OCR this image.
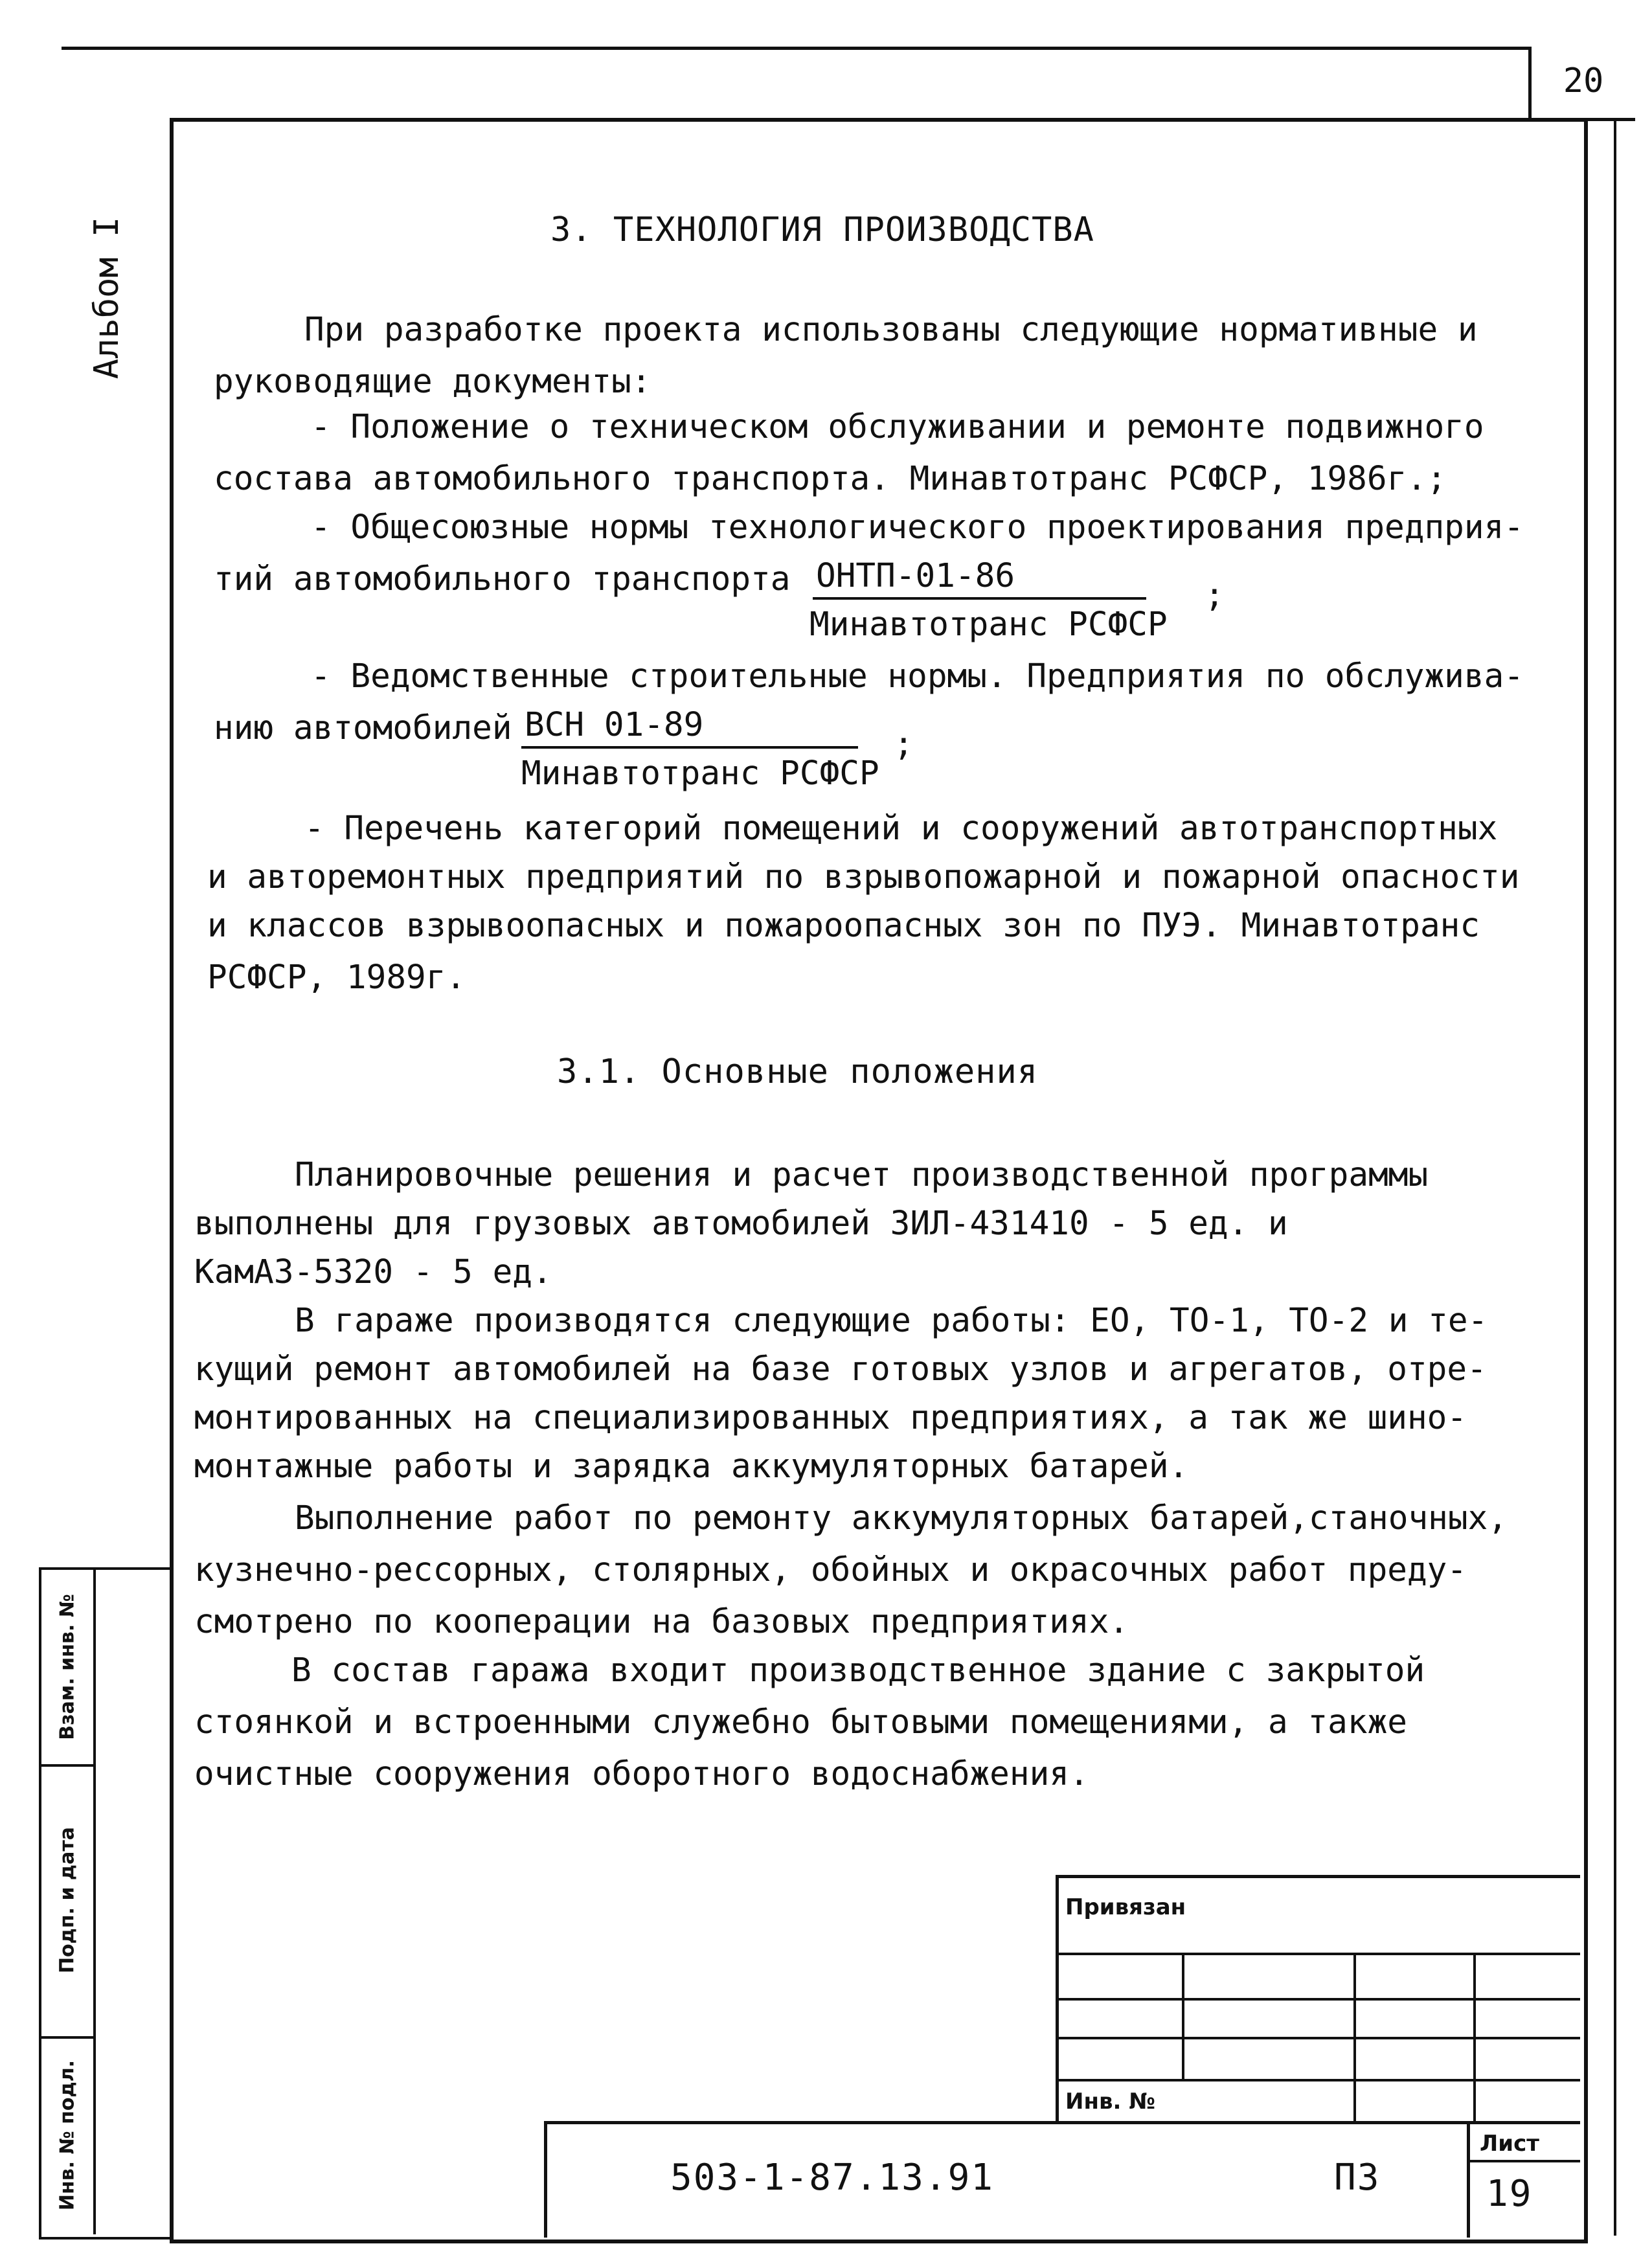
20
Альбом I	3. ТЕХНОЛОГИЯ ПРОИЗВОДСТВА
При разработке проекта использованы следующие нормативные и
руководящие документы:
- Положение о техническом обслуживании и ремонте подвижного
состава автомобильного транспорта. Минавтотранс РСФСР, 1986г.;
- Общесоюзные нормы технологического проектирования предприя-
тий автомобильного транспорта ОНТП-01-86
Минавтотранс РСФСР
;
- Ведомственные строительные нормы. Предприятия по обслужива-
нию автомобилей ВСН 01-89
Минавтотранс РСФСР
;
- Перечень категорий помещений и сооружений автотранспортных
и авторемонтных предприятий по взрывопожарной и пожарной опасности
и классов взрывоопасных и пожароопасных зон по ПУЭ. Минавтотранс
РСФСР, 1989г.
3.1. Основные положения
Планировочные решения и расчет производственной программы
выполнены для грузовых автомобилей ЗИЛ-431410 - 5 ед. и
КамАЗ-5320 - 5 ед.
В гараже производятся следующие работы: ЕО, ТО-1, ТО-2 и те-
кущий ремонт автомобилей на базе готовых узлов и агрегатов, отре-
монтированных на специализированных предприятиях, а так же шино-
монтажные работы и зарядка аккумуляторных батарей.
Выполнение работ по ремонту аккумуляторных батарей,станочных,
кузнечно-рессорных, столярных, обойных и окрасочных работ преду-
смотрено по кооперации на базовых предприятиях.
В состав гаража входит производственное здание с закрытой
стоянкой и встроенными служебно бытовыми помещениями, а также
очистные сооружения оборотного водоснабжения.
Взам. инв. №
Подп. и дата
Инв. № подл.
Привязан
Инв. №
503-1-87.13.91	ПЗ
Лист
19
